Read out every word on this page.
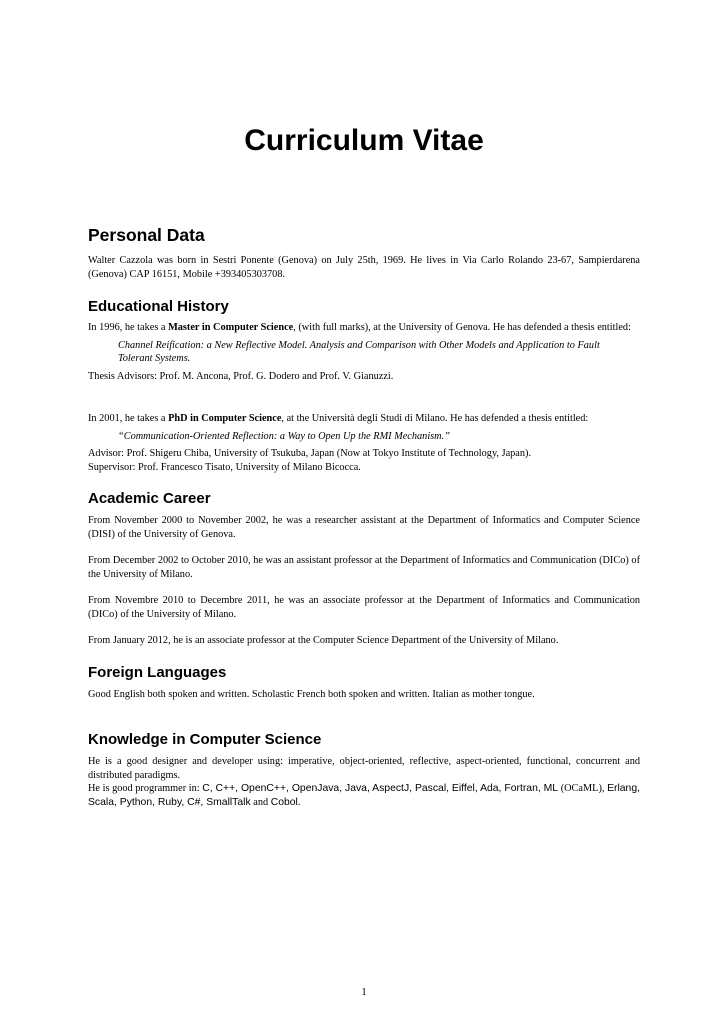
Curriculum Vitae
Personal Data

Walter Cazzola was born in Sestri Ponente (Genova) on July 25th, 1969. He lives in Via Carlo Rolando 23-67, Sampierdarena (Genova) CAP 16151, Mobile +393405303708.

Educational History

In 1996, he takes a Master in Computer Science, (with full marks), at the University of Genova. He has defended a thesis entitled:

Channel Reification: a New Reflective Model. Analysis and Comparison with Other Models and Application to Fault Tolerant Systems.

Thesis Advisors: Prof. M. Ancona, Prof. G. Dodero and Prof. V. Gianuzzi.

In 2001, he takes a PhD in Computer Science, at the Università degli Studi di Milano. He has defended a thesis entitled:

“Communication-Oriented Reflection: a Way to Open Up the RMI Mechanism.”

Advisor: Prof. Shigeru Chiba, University of Tsukuba, Japan (Now at Tokyo Institute of Technology, Japan).

Supervisor: Prof. Francesco Tisato, University of Milano Bicocca.

Academic Career

From November 2000 to November 2002, he was a researcher assistant at the Department of Informatics and Computer Science (DISI) of the University of Genova.

From December 2002 to October 2010, he was an assistant professor at the Department of Informatics and Communication (DICo) of the University of Milano.

From Novembre 2010 to Decembre 2011, he was an associate professor at the Department of Informatics and Communication (DICo) of the University of Milano.

From January 2012, he is an associate professor at the Computer Science Department of the University of Milano.

Foreign Languages

Good English both spoken and written. Scholastic French both spoken and written. Italian as mother tongue.

Knowledge in Computer Science

He is a good designer and developer using: imperative, object-oriented, reflective, aspect-oriented, functional, concurrent and distributed paradigms.

He is good programmer in: C, C++, OpenC++, OpenJava, Java, AspectJ, Pascal, Eiffel, Ada, Fortran, ML (OCaML), Erlang, Scala, Python, Ruby, C#, SmallTalk and Cobol.

1
